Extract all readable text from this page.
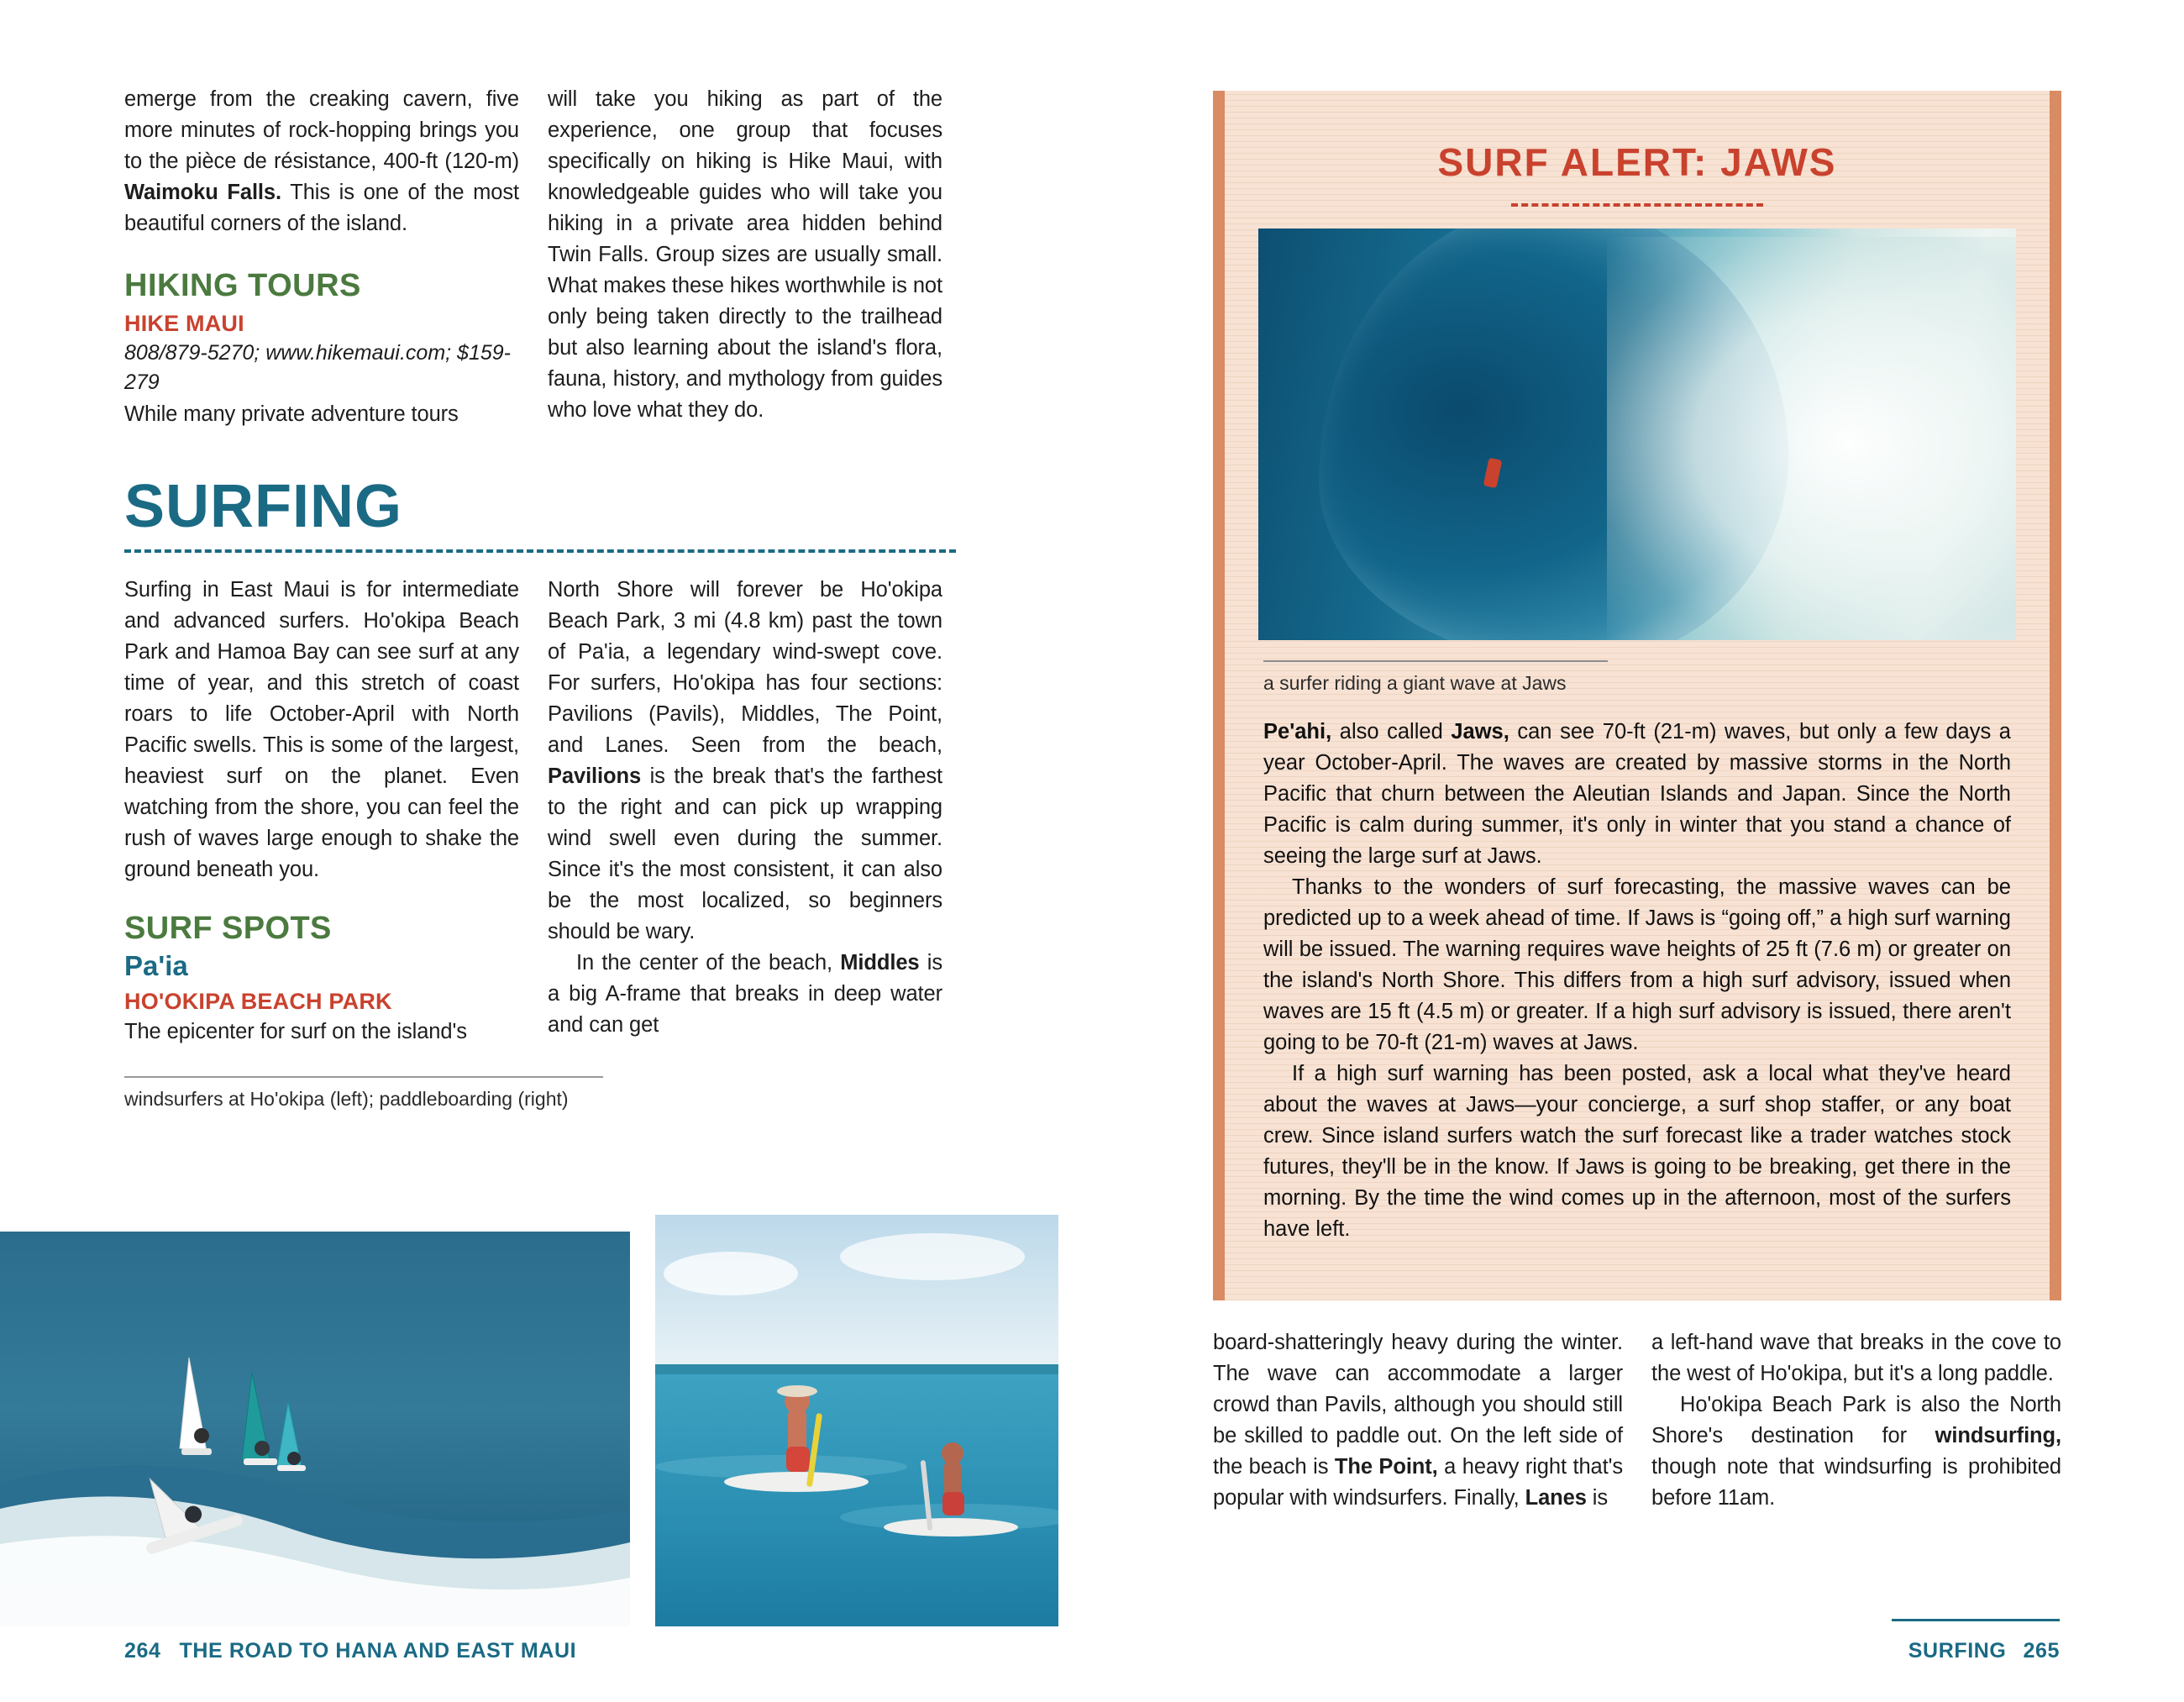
emerge from the creaking cavern, five more minutes of rock-hopping brings you to the pièce de résistance, 400-ft (120-m) Waimoku Falls. This is one of the most beautiful corners of the island.

HIKING TOURS
HIKE MAUI

808/879-5270; www.hikemaui.com; $159-279

While many private adventure tours

will take you hiking as part of the experience, one group that focuses specifically on hiking is Hike Maui, with knowledgeable guides who will take you hiking in a private area hidden behind Twin Falls. Group sizes are usually small. What makes these hikes worthwhile is not only being taken directly to the trailhead but also learning about the island's flora, fauna, history, and mythology from guides who love what they do.

SURFING

Surfing in East Maui is for intermediate and advanced surfers. Ho'okipa Beach Park and Hamoa Bay can see surf at any time of year, and this stretch of coast roars to life October-April with North Pacific swells. This is some of the largest, heaviest surf on the planet. Even watching from the shore, you can feel the rush of waves large enough to shake the ground beneath you.

SURF SPOTS
Pa'ia
HO'OKIPA BEACH PARK

The epicenter for surf on the island's

North Shore will forever be Ho'okipa Beach Park, 3 mi (4.8 km) past the town of Pa'ia, a legendary wind-swept cove. For surfers, Ho'okipa has four sections: Pavilions (Pavils), Middles, The Point, and Lanes. Seen from the beach, Pavilions is the break that's the farthest to the right and can pick up wrapping wind swell even during the summer. Since it's the most consistent, it can also be the most localized, so beginners should be wary.

In the center of the beach, Middles is a big A-frame that breaks in deep water and can get

windsurfers at Ho'okipa (left); paddleboarding (right)

264 THE ROAD TO HANA AND EAST MAUI
SURF ALERT: JAWS

a surfer riding a giant wave at Jaws

Pe'ahi, also called Jaws, can see 70-ft (21-m) waves, but only a few days a year October-April. The waves are created by massive storms in the North Pacific that churn between the Aleutian Islands and Japan. Since the North Pacific is calm during summer, it's only in winter that you stand a chance of seeing the large surf at Jaws.

Thanks to the wonders of surf forecasting, the massive waves can be predicted up to a week ahead of time. If Jaws is “going off,” a high surf warning will be issued. The warning requires wave heights of 25 ft (7.6 m) or greater on the island's North Shore. This differs from a high surf advisory, issued when waves are 15 ft (4.5 m) or greater. If a high surf advisory is issued, there aren't going to be 70-ft (21-m) waves at Jaws.

If a high surf warning has been posted, ask a local what they've heard about the waves at Jaws—your concierge, a surf shop staffer, or any boat crew. Since island surfers watch the surf forecast like a trader watches stock futures, they'll be in the know. If Jaws is going to be breaking, get there in the morning. By the time the wind comes up in the afternoon, most of the surfers have left.

board-shatteringly heavy during the winter. The wave can accommodate a larger crowd than Pavils, although you should still be skilled to paddle out. On the left side of the beach is The Point, a heavy right that's popular with windsurfers. Finally, Lanes is

a left-hand wave that breaks in the cove to the west of Ho'okipa, but it's a long paddle.

Ho'okipa Beach Park is also the North Shore's destination for windsurfing, though note that windsurfing is prohibited before 11am.

SURFING 265
